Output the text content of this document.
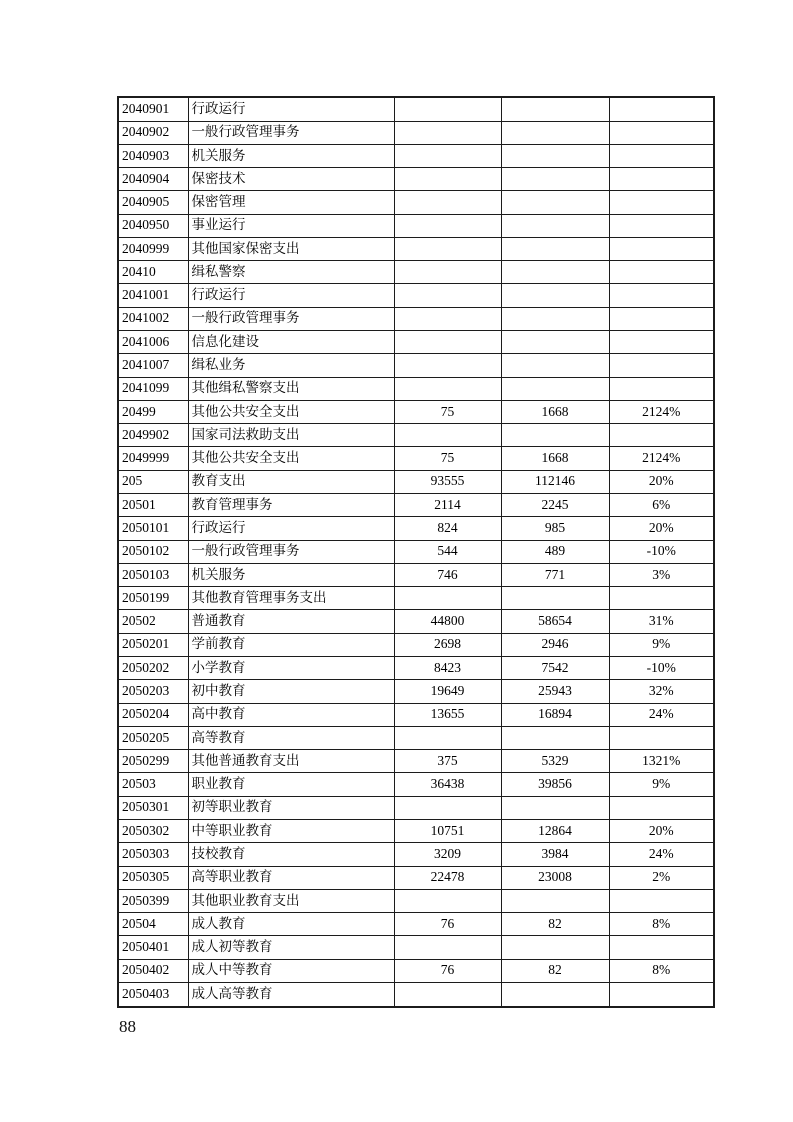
2040901	行政运行			
2040902	一般行政管理事务			
2040903	机关服务			
2040904	保密技术			
2040905	保密管理			
2040950	事业运行			
2040999	其他国家保密支出			
20410	缉私警察			
2041001	行政运行			
2041002	一般行政管理事务			
2041006	信息化建设			
2041007	缉私业务			
2041099	其他缉私警察支出			
20499	其他公共安全支出	75	1668	2124%
2049902	国家司法救助支出			
2049999	其他公共安全支出	75	1668	2124%
205	教育支出	93555	112146	20%
20501	教育管理事务	2114	2245	6%
2050101	行政运行	824	985	20%
2050102	一般行政管理事务	544	489	-10%
2050103	机关服务	746	771	3%
2050199	其他教育管理事务支出			
20502	普通教育	44800	58654	31%
2050201	学前教育	2698	2946	9%
2050202	小学教育	8423	7542	-10%
2050203	初中教育	19649	25943	32%
2050204	高中教育	13655	16894	24%
2050205	高等教育			
2050299	其他普通教育支出	375	5329	1321%
20503	职业教育	36438	39856	9%
2050301	初等职业教育			
2050302	中等职业教育	10751	12864	20%
2050303	技校教育	3209	3984	24%
2050305	高等职业教育	22478	23008	2%
2050399	其他职业教育支出			
20504	成人教育	76	82	8%
2050401	成人初等教育			
2050402	成人中等教育	76	82	8%
2050403	成人高等教育			
88
